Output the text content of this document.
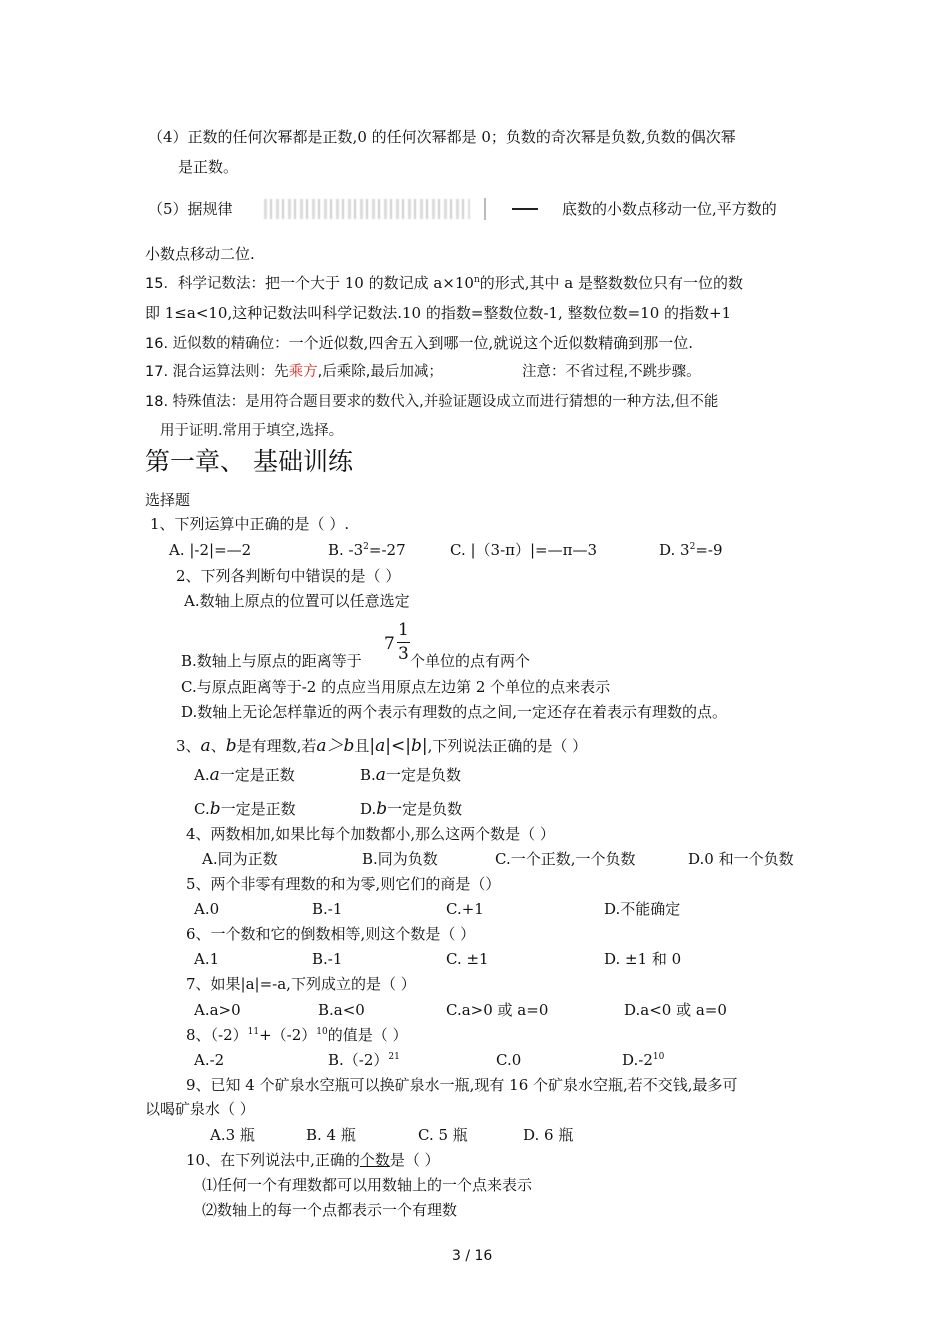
（4）正数的任何次幂都是正数,0 的任何次幂都是 0；负数的奇次幂是负数,负数的偶次幂
是正数。
（5）据规律	底数的小数点移动一位,平方数的
小数点移动二位.
15．科学记数法：把一个大于 10 的数记成 $a\times 10^n$的形式,其中 a 是整数数位只有一位的数
即 1≤a<10,这种记数法叫科学记数法.10 的指数=整数位数-1, 整数位数=10 的指数+1
16. 近似数的精确位：一个近似数,四舍五入到哪一位,就说这个近似数精确到那一位.
17. 混合运算法则：先乘方,后乘除,最后加减；	注意：不省过程,不跳步骤。
18. 特殊值法：是用符合题目要求的数代入,并验证题设成立而进行猜想的一种方法,但不能
用于证明.常用于填空,选择。
第一章、 基础训练
选择题
1、下列运算中正确的是（ ）.
A. |-2|=—2	B. $-3^2=-27$	C. |（3-π）|=—π—3	D. $3^2=-9$
2、下列各判断句中错误的是（ ）
A.数轴上原点的位置可以任意选定
7
1
3
B.数轴上与原点的距离等于	个单位的点有两个
C.与原点距离等于-2 的点应当用原点左边第 2 个单位的点来表示
D.数轴上无论怎样靠近的两个表示有理数的点之间,一定还存在着表示有理数的点。
3、a、b是有理数,若a＞b且|a|<|b|,下列说法正确的是（ ）
A.a一定是正数	B.a一定是负数
C.b一定是正数	D.b一定是负数
4、两数相加,如果比每个加数都小,那么这两个数是（ ）
A.同为正数	B.同为负数	C.一个正数,一个负数	D.0 和一个负数
5、两个非零有理数的和为零,则它们的商是（）
A.0	B.-1	C.+1	D.不能确定
6、一个数和它的倒数相等,则这个数是（ ）
A.1	B.-1	C. ±1	D. ±1 和 0
7、如果|a|=-a,下列成立的是（ ）
A.a>0	B.a<0	C.a>0 或 a=0	D.a<0 或 a=0
8、$(-2)^{11}+(-2)^{10}$的值是（ ）
A.-2	$B.(-2)^{21}$	C.0	$D.-2^{10}$
9、已知 4 个矿泉水空瓶可以换矿泉水一瓶,现有 16 个矿泉水空瓶,若不交钱,最多可
以喝矿泉水（ ）
A.3 瓶	B. 4 瓶	C. 5 瓶	D. 6 瓶
10、在下列说法中,正确的个数是（ ）
⑴任何一个有理数都可以用数轴上的一个点来表示
⑵数轴上的每一个点都表示一个有理数
3 / 16
